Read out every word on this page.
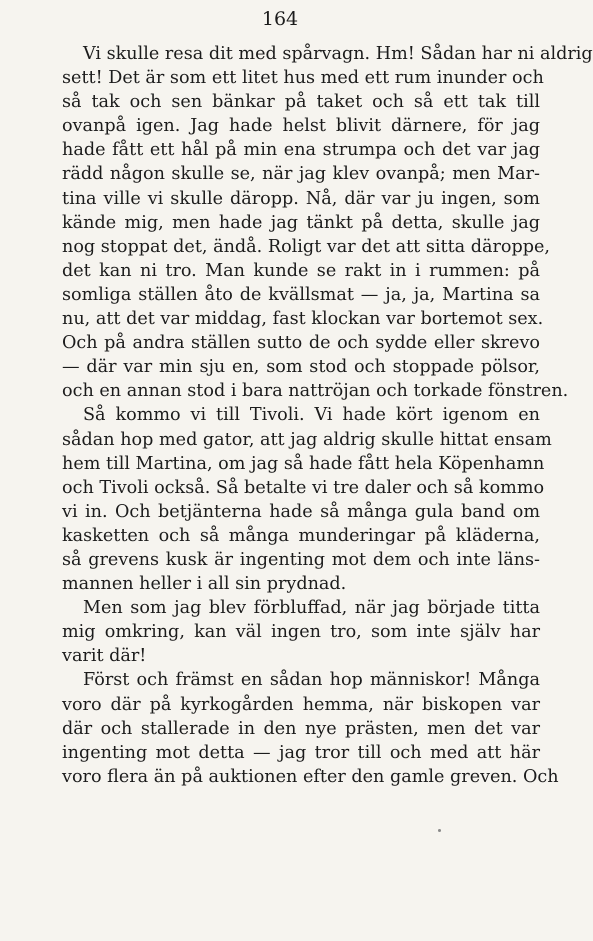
164
Vi skulle resa dit med spårvagn. Hm! Sådan har ni aldrig
sett! Det är som ett litet hus med ett rum inunder och
så tak och sen bänkar på taket och så ett tak till
ovanpå igen. Jag hade helst blivit därnere, för jag
hade fått ett hål på min ena strumpa och det var jag
rädd någon skulle se, när jag klev ovanpå; men Mar-
tina ville vi skulle däropp. Nå, där var ju ingen, som
kände mig, men hade jag tänkt på detta, skulle jag
nog stoppat det, ändå. Roligt var det att sitta däroppe,
det kan ni tro. Man kunde se rakt in i rummen: på
somliga ställen åto de kvällsmat — ja, ja, Martina sa
nu, att det var middag, fast klockan var bortemot sex.
Och på andra ställen sutto de och sydde eller skrevo
— där var min sju en, som stod och stoppade pölsor,
och en annan stod i bara nattröjan och torkade fönstren.
Så kommo vi till Tivoli. Vi hade kört igenom en
sådan hop med gator, att jag aldrig skulle hittat ensam
hem till Martina, om jag så hade fått hela Köpenhamn
och Tivoli också. Så betalte vi tre daler och så kommo
vi in. Och betjänterna hade så många gula band om
kasketten och så många munderingar på kläderna,
så grevens kusk är ingenting mot dem och inte läns-
mannen heller i all sin prydnad.
Men som jag blev förbluffad, när jag började titta
mig omkring, kan väl ingen tro, som inte själv har
varit där!
Först och främst en sådan hop människor! Många
voro där på kyrkogården hemma, när biskopen var
där och stallerade in den nye prästen, men det var
ingenting mot detta — jag tror till och med att här
voro flera än på auktionen efter den gamle greven. Och
